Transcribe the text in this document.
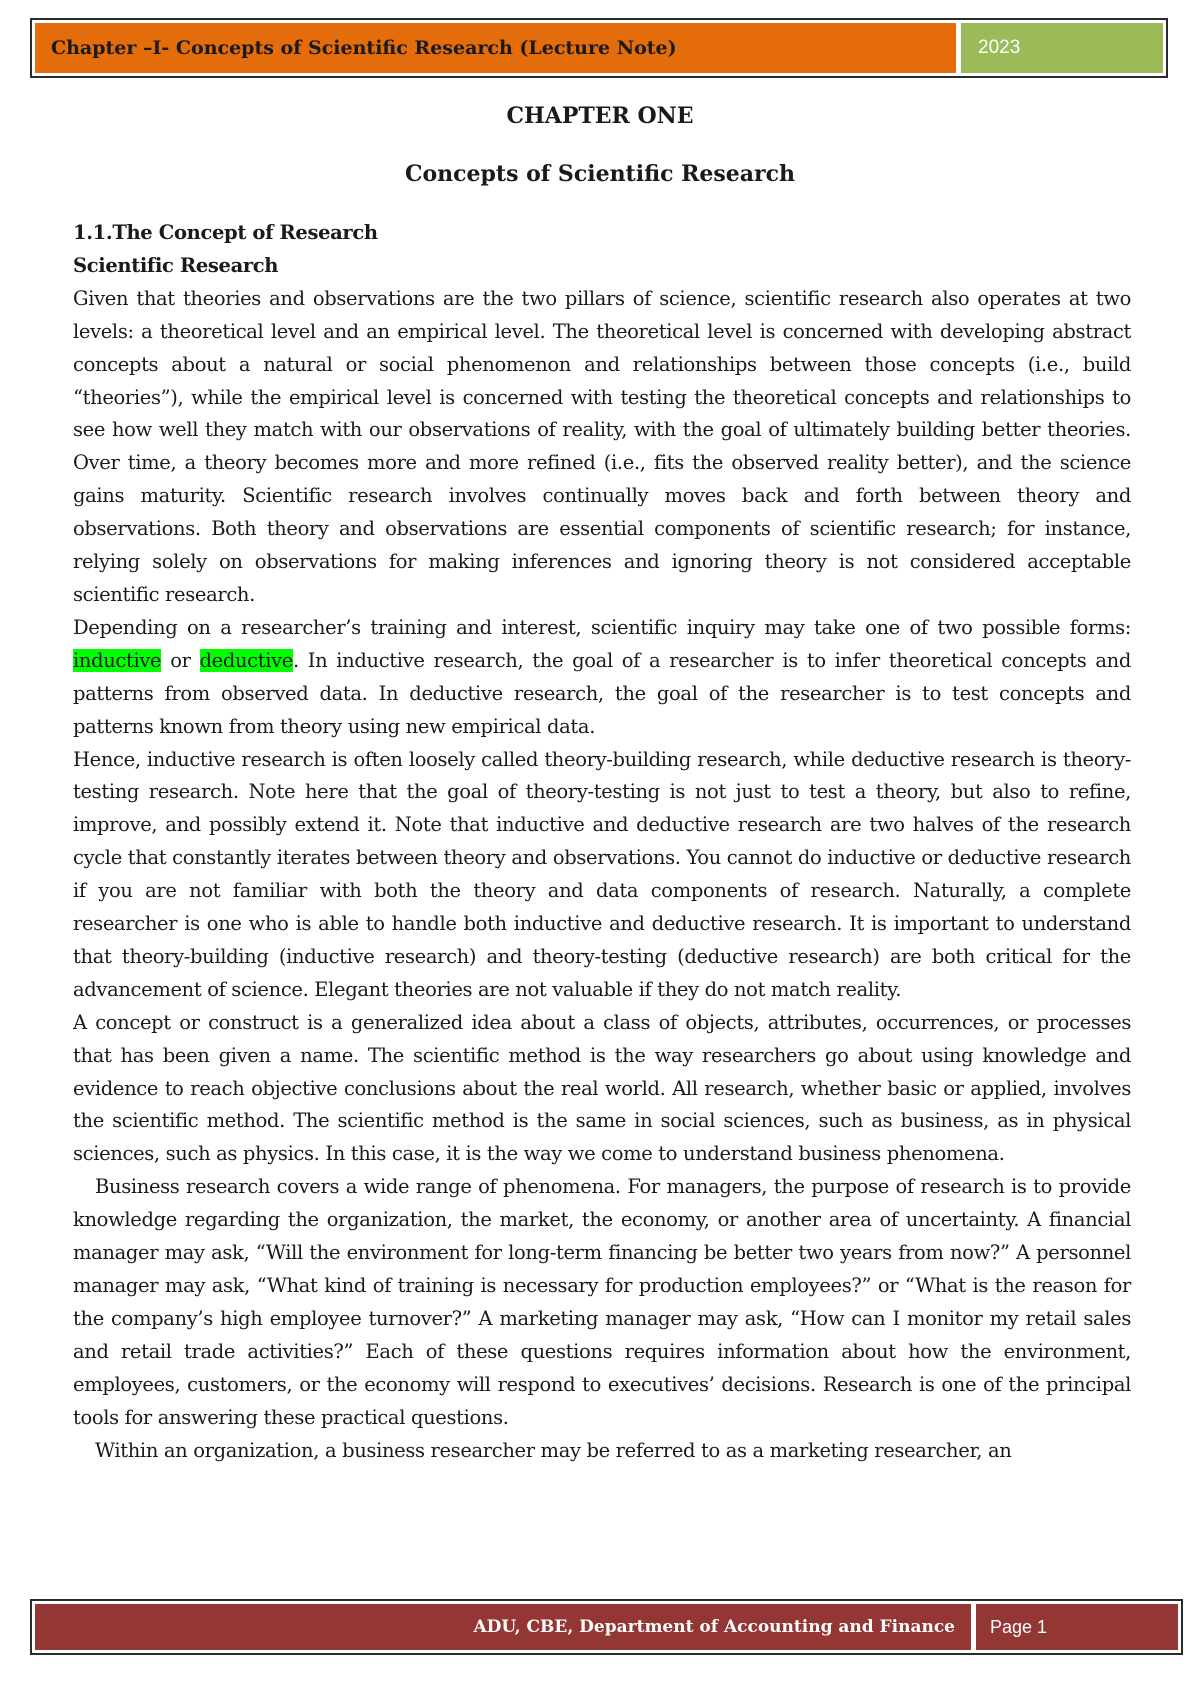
Chapter –I- Concepts of Scientific Research (Lecture Note)	2023
CHAPTER ONE
Concepts of Scientific Research
1.1.The Concept of Research
Scientific Research

Given that theories and observations are the two pillars of science, scientific research also operates at two levels: a theoretical level and an empirical level. The theoretical level is concerned with developing abstract concepts about a natural or social phenomenon and relationships between those concepts (i.e., build “theories”), while the empirical level is concerned with testing the theoretical concepts and relationships to see how well they match with our observations of reality, with the goal of ultimately building better theories. Over time, a theory becomes more and more refined (i.e., fits the observed reality better), and the science gains maturity. Scientific research involves continually moves back and forth between theory and observations. Both theory and observations are essential components of scientific research; for instance, relying solely on observations for making inferences and ignoring theory is not considered acceptable scientific research.

Depending on a researcher’s training and interest, scientific inquiry may take one of two possible forms: inductive or deductive. In inductive research, the goal of a researcher is to infer theoretical concepts and patterns from observed data. In deductive research, the goal of the researcher is to test concepts and patterns known from theory using new empirical data.

Hence, inductive research is often loosely called theory-building research, while deductive research is theory-testing research. Note here that the goal of theory-testing is not just to test a theory, but also to refine, improve, and possibly extend it. Note that inductive and deductive research are two halves of the research cycle that constantly iterates between theory and observations. You cannot do inductive or deductive research if you are not familiar with both the theory and data components of research. Naturally, a complete researcher is one who is able to handle both inductive and deductive research. It is important to understand that theory-building (inductive research) and theory-testing (deductive research) are both critical for the advancement of science. Elegant theories are not valuable if they do not match reality.

A concept or construct is a generalized idea about a class of objects, attributes, occurrences, or processes that has been given a name. The scientific method is the way researchers go about using knowledge and evidence to reach objective conclusions about the real world. All research, whether basic or applied, involves the scientific method. The scientific method is the same in social sciences, such as business, as in physical sciences, such as physics. In this case, it is the way we come to understand business phenomena.

Business research covers a wide range of phenomena. For managers, the purpose of research is to provide knowledge regarding the organization, the market, the economy, or another area of uncertainty. A financial manager may ask, “Will the environment for long-term financing be better two years from now?” A personnel manager may ask, “What kind of training is necessary for production employees?” or “What is the reason for the company’s high employee turnover?” A marketing manager may ask, “How can I monitor my retail sales and retail trade activities?” Each of these questions requires information about how the environment, employees, customers, or the economy will respond to executives’ decisions. Research is one of the principal tools for answering these practical questions.

Within an organization, a business researcher may be referred to as a marketing researcher, an

ADU, CBE, Department of Accounting and Finance	Page 1
